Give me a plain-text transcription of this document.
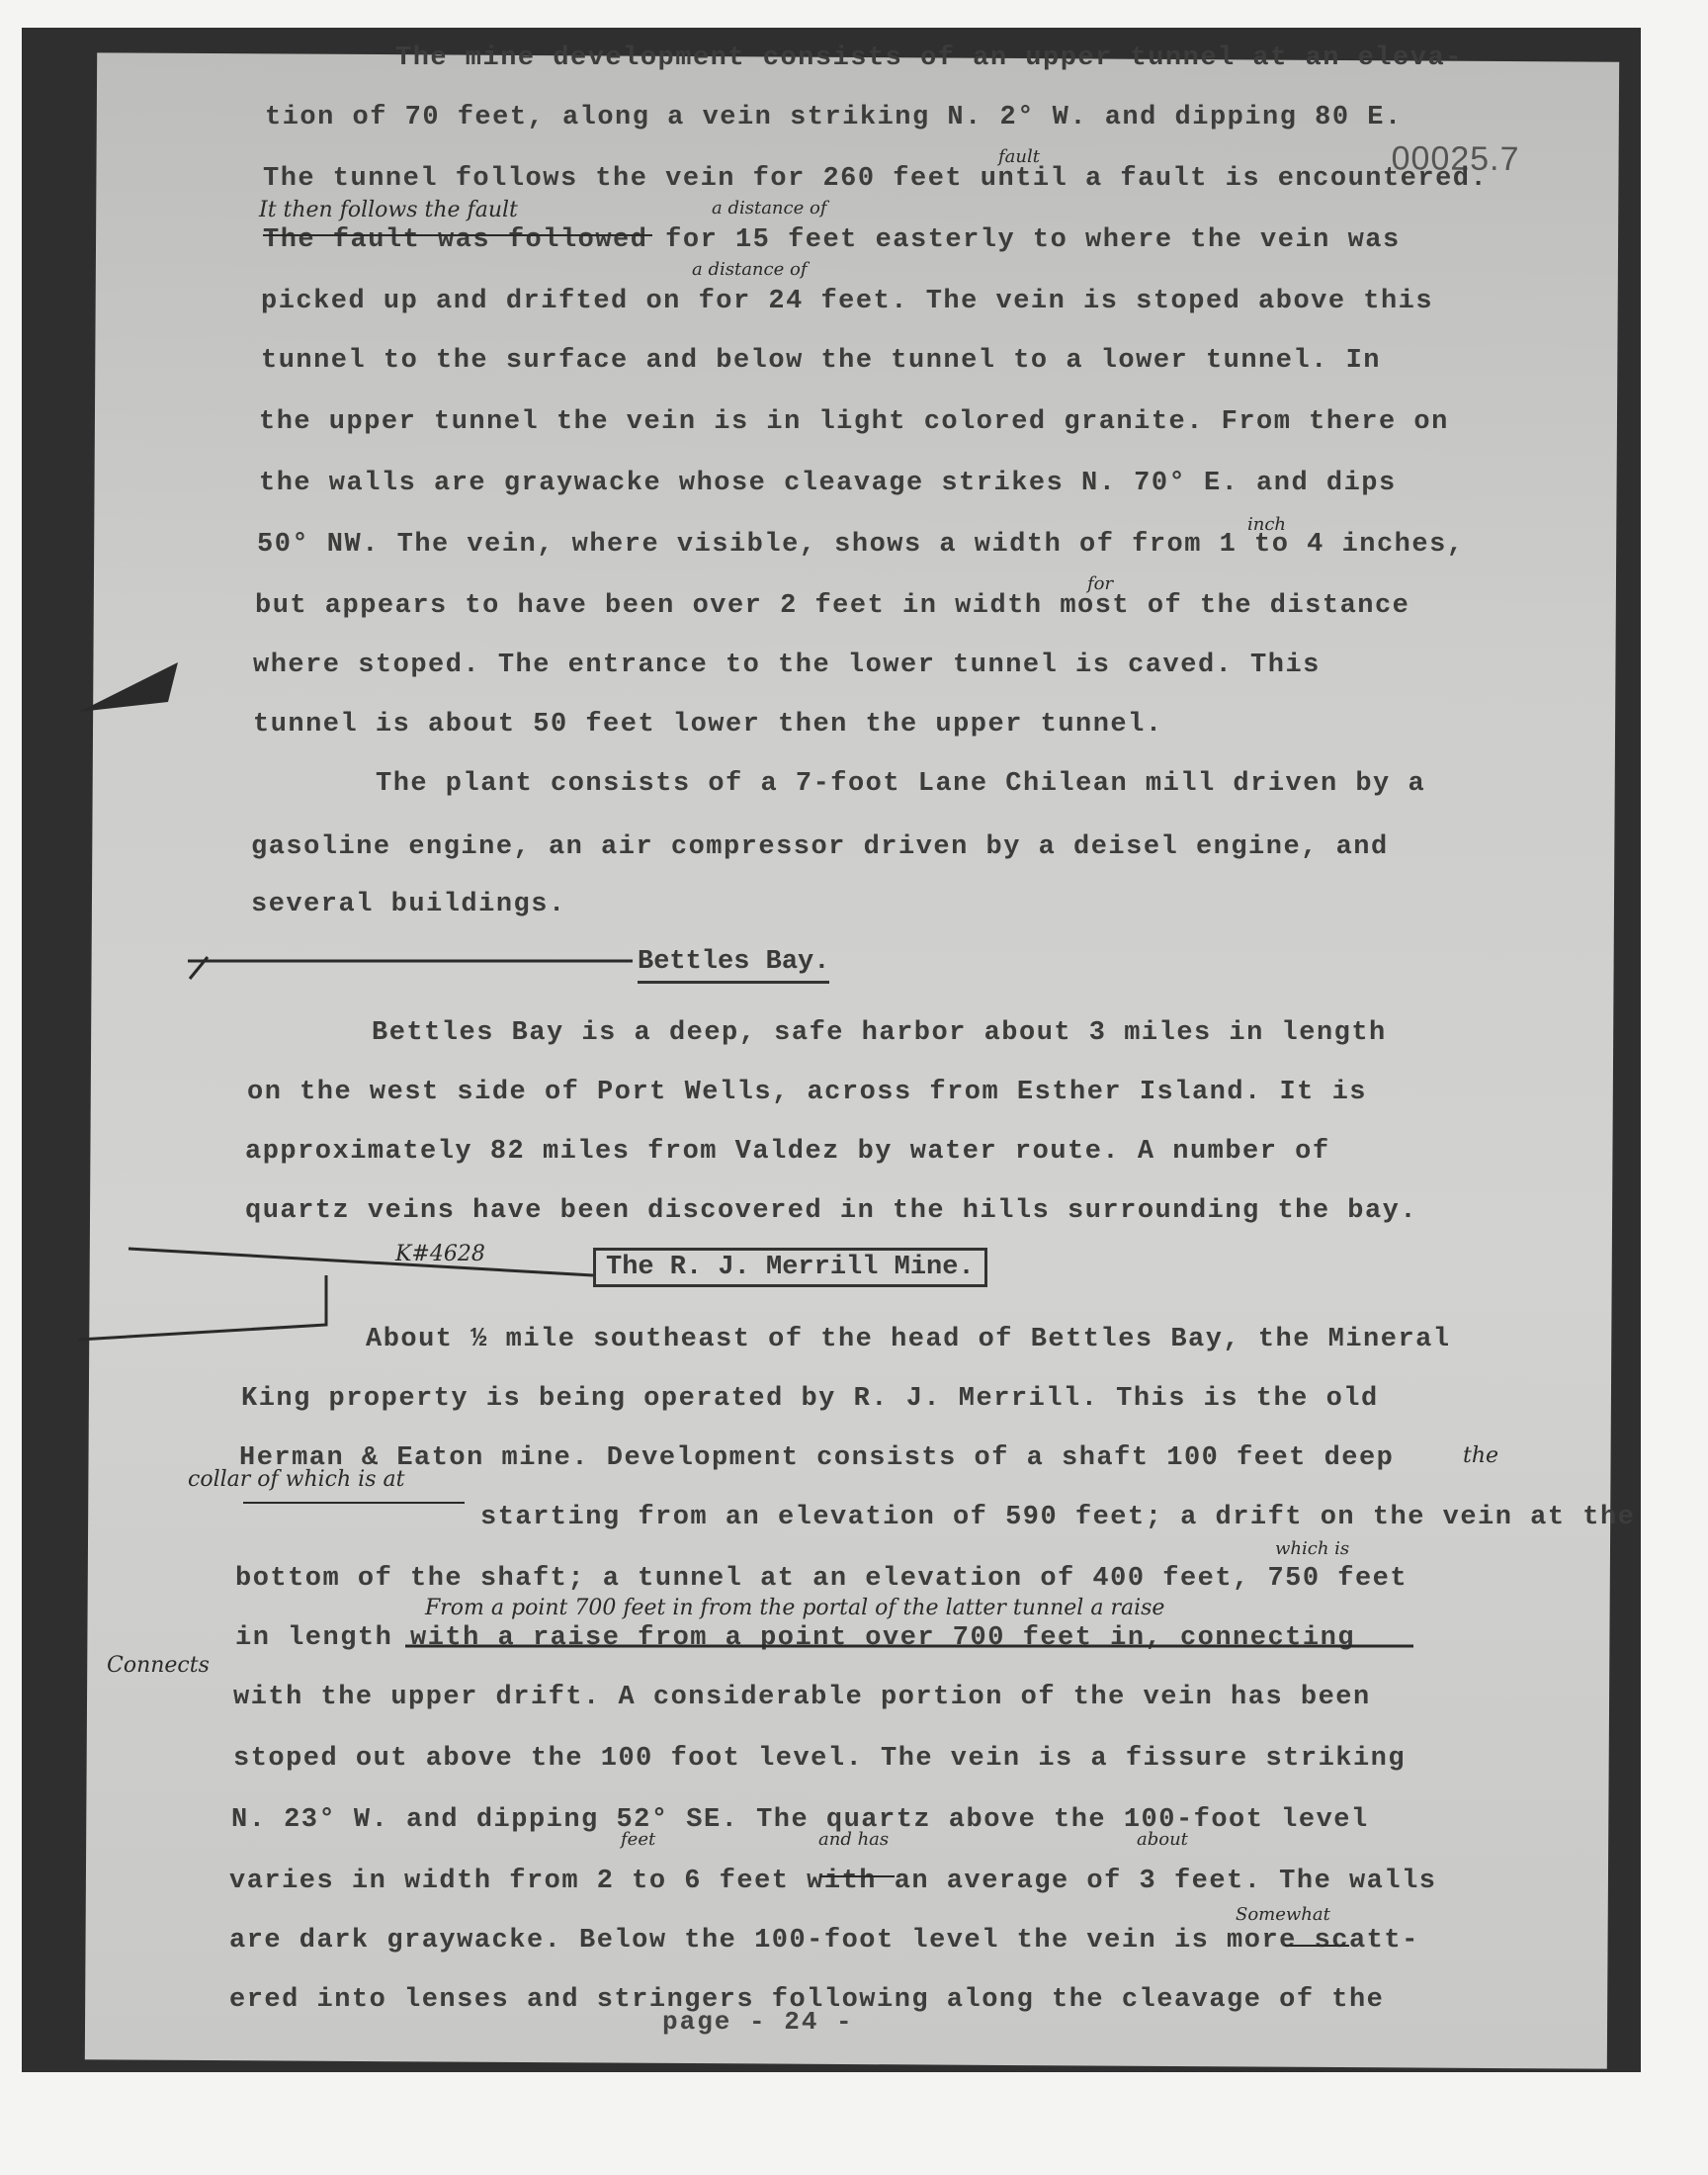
00025.7
The mine development consists of an upper tunnel at an eleva-
tion of 70 feet, along a vein striking N. 2° W. and dipping 80 E.
The tunnel follows the vein for 260 feet until a fault is encountered.
The fault was followed for 15 feet easterly to where the vein was
picked up and drifted on for 24 feet. The vein is stoped above this
tunnel to the surface and below the tunnel to a lower tunnel. In
the upper tunnel the vein is in light colored granite. From there on
the walls are graywacke whose cleavage strikes N. 70° E. and dips
50° NW. The vein, where visible, shows a width of from 1 to 4 inches,
but appears to have been over 2 feet in width most of the distance
where stoped. The entrance to the lower tunnel is caved. This
tunnel is about 50 feet lower then the upper tunnel.
The plant consists of a 7-foot Lane Chilean mill driven by a
gasoline engine, an air compressor driven by a deisel engine, and
several buildings.
Bettles Bay is a deep, safe harbor about 3 miles in length
on the west side of Port Wells, across from Esther Island. It is
approximately 82 miles from Valdez by water route. A number of
quartz veins have been discovered in the hills surrounding the bay.
About ½ mile southeast of the head of Bettles Bay, the Mineral
King property is being operated by R. J. Merrill. This is the old
Herman & Eaton mine. Development consists of a shaft 100 feet deep
starting from an elevation of 590 feet; a drift on the vein at the
bottom of the shaft; a tunnel at an elevation of 400 feet, 750 feet
in length with a raise from a point over 700 feet in, connecting
with the upper drift. A considerable portion of the vein has been
stoped out above the 100 foot level. The vein is a fissure striking
N. 23° W. and dipping 52° SE. The quartz above the 100-foot level
varies in width from 2 to 6 feet with an average of 3 feet. The walls
are dark graywacke. Below the 100-foot level the vein is more scatt-
ered into lenses and stringers following along the cleavage of the
Bettles Bay.
The R. J. Merrill Mine.
fault
It then follows the fault	a distance of
a distance of
inch
for
K#4628
the
collar of which is at
which is
From a point 700 feet in from the portal of the latter tunnel a raise
Connects
feet	and has	about
Somewhat
page - 24 -
